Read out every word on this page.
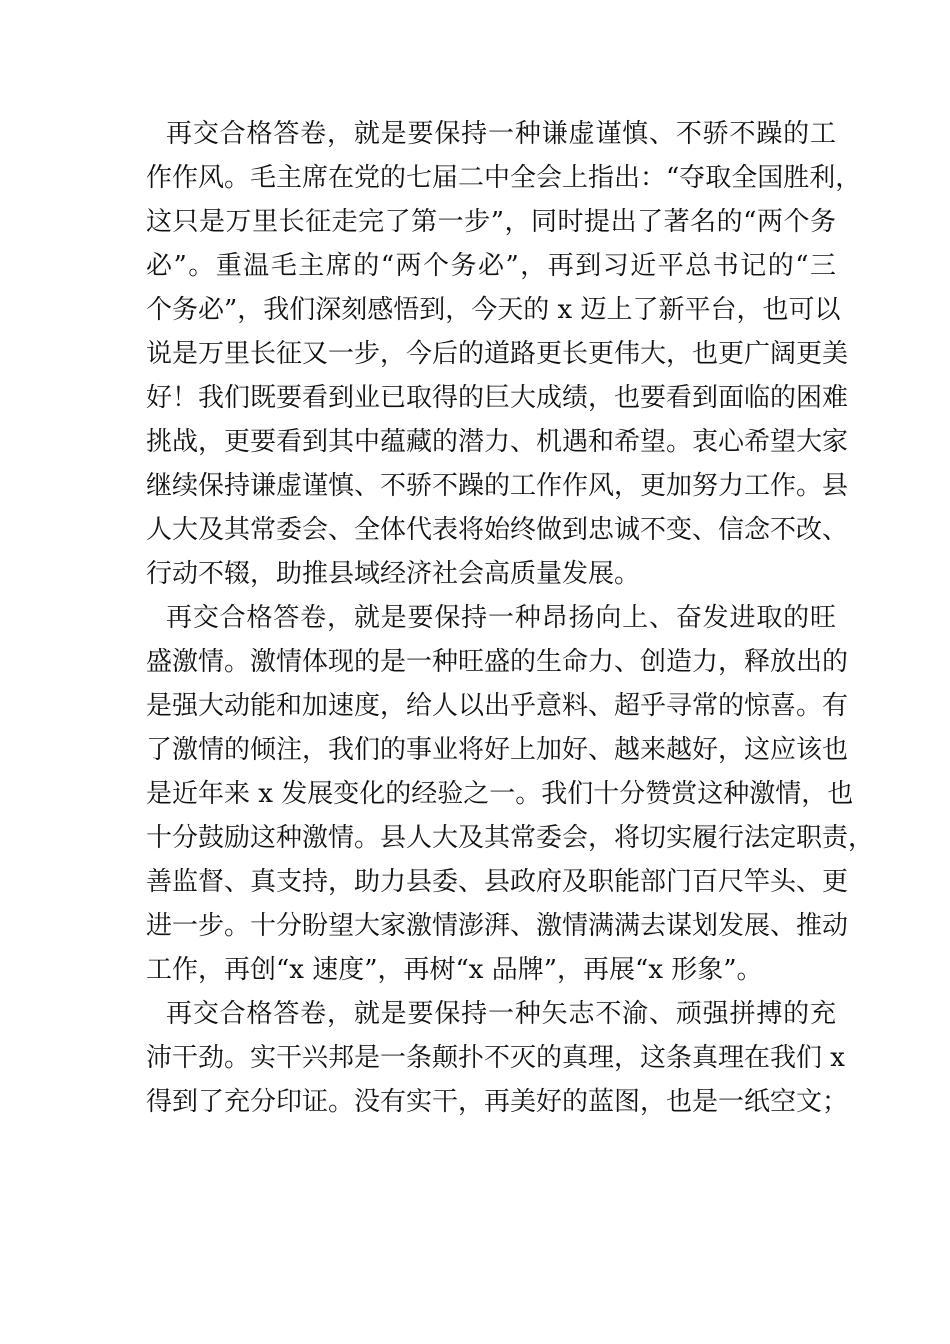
再交合格答卷，就是要保持一种谦虚谨慎、不骄不躁的工
作作风。毛主席在党的七届二中全会上指出：“夺取全国胜利，
这只是万里长征走完了第一步”，同时提出了著名的“两个务
必”。重温毛主席的“两个务必”，再到习近平总书记的“三
个务必”，我们深刻感悟到，今天的 x 迈上了新平台，也可以
说是万里长征又一步，今后的道路更长更伟大，也更广阔更美
好！我们既要看到业已取得的巨大成绩，也要看到面临的困难
挑战，更要看到其中蕴藏的潜力、机遇和希望。衷心希望大家
继续保持谦虚谨慎、不骄不躁的工作作风，更加努力工作。县
人大及其常委会、全体代表将始终做到忠诚不变、信念不改、
行动不辍，助推县域经济社会高质量发展。
再交合格答卷，就是要保持一种昂扬向上、奋发进取的旺
盛激情。激情体现的是一种旺盛的生命力、创造力，释放出的
是强大动能和加速度，给人以出乎意料、超乎寻常的惊喜。有
了激情的倾注，我们的事业将好上加好、越来越好，这应该也
是近年来 x 发展变化的经验之一。我们十分赞赏这种激情，也
十分鼓励这种激情。县人大及其常委会，将切实履行法定职责，
善监督、真支持，助力县委、县政府及职能部门百尺竿头、更
进一步。十分盼望大家激情澎湃、激情满满去谋划发展、推动
工作，再创“x 速度”，再树“x 品牌”，再展“x 形象”。
再交合格答卷，就是要保持一种矢志不渝、顽强拼搏的充
沛干劲。实干兴邦是一条颠扑不灭的真理，这条真理在我们 x
得到了充分印证。没有实干，再美好的蓝图，也是一纸空文；
